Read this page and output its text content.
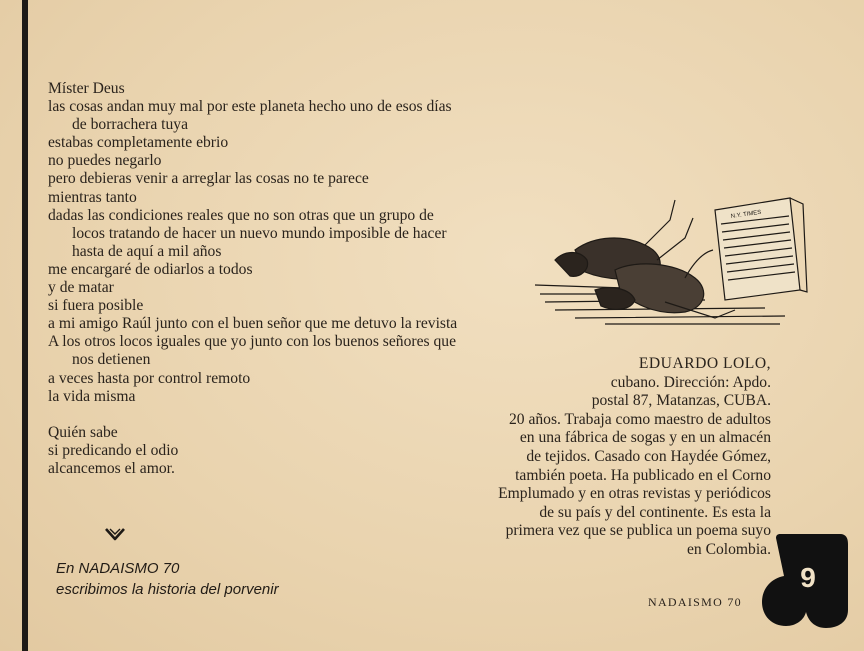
Míster Deus
las cosas andan muy mal por este planeta hecho uno de esos días
de borrachera tuya
estabas completamente ebrio
no puedes negarlo
pero debieras venir a arreglar las cosas no te parece
mientras tanto
dadas las condiciones reales que no son otras que un grupo de
locos tratando de hacer un nuevo mundo imposible de hacer
hasta de aquí a mil años
me encargaré de odiarlos a todos
y de matar
si fuera posible
a mi amigo Raúl junto con el buen señor que me detuvo la revista
A los otros locos iguales que yo junto con los buenos señores que
nos detienen
a veces hasta por control remoto
la vida misma
Quién sabe
si predicando el odio
alcancemos el amor.
N.Y. TIMES
EDUARDO LOLO,
cubano. Dirección: Apdo.
postal 87, Matanzas, CUBA.
20 años. Trabaja como maestro de adultos
en una fábrica de sogas y en un almacén
de tejidos. Casado con Haydée Gómez,
también poeta. Ha publicado en el Corno
Emplumado y en otras revistas y periódicos
de su país y del continente. Es esta la
primera vez que se publica un poema suyo
en Colombia.
En NADAISMO 70
escribimos la historia del porvenir
NADAISMO 70
9
